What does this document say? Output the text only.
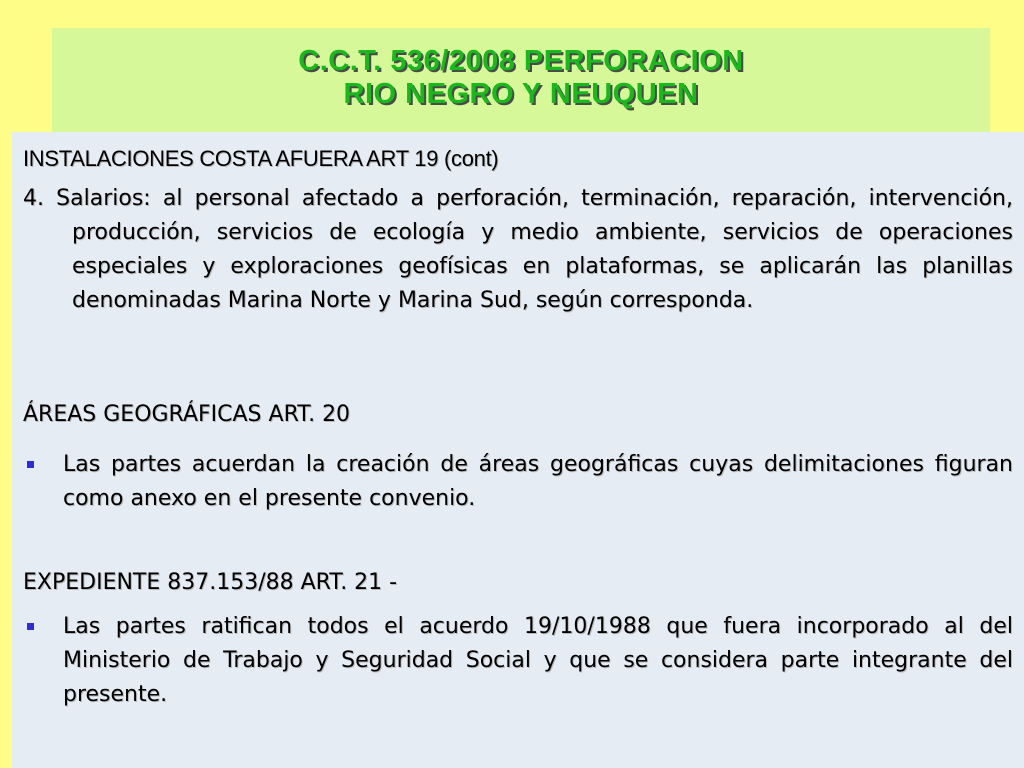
C.C.T. 536/2008 PERFORACION
RIO NEGRO Y NEUQUEN
INSTALACIONES COSTA AFUERA ART 19 (cont)
4. Salarios: al personal afectado a perforación, terminación, reparación, intervención, producción, servicios de ecología y medio ambiente, servicios de operaciones especiales y exploraciones geofísicas en plataformas, se aplicarán las planillas denominadas Marina Norte y Marina Sud, según corresponda.
ÁREAS GEOGRÁFICAS ART. 20
Las partes acuerdan la creación de áreas geográficas cuyas delimitaciones figuran como anexo en el presente convenio.
EXPEDIENTE 837.153/88 ART. 21 -
Las partes ratifican todos el acuerdo 19/10/1988 que fuera incorporado al del Ministerio de Trabajo y Seguridad Social y que se considera parte integrante del presente.
